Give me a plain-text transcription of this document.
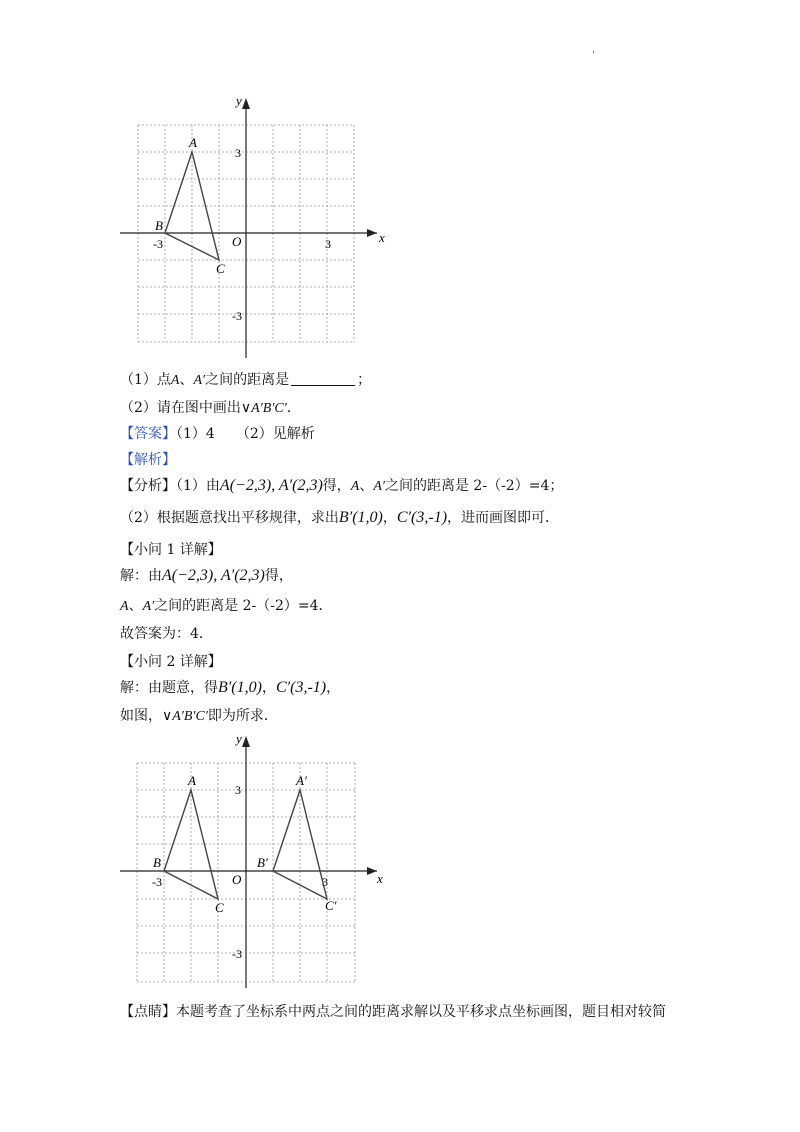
'
x
y
O
-3	3
3
-3
A
B
C
（1）点A、A′之间的距离是	；
（2）请在图中画出∨A′B′C′．
【答案】（1）4　　（2）见解析
【解析】
【分析】（1）由A(−2,3), A′(2,3)得，A、A′之间的距离是 2-（-2）=4；
（2）根据题意找出平移规律，求出B′(1,0)，C′(3,-1)，进而画图即可．
【小问 1 详解】
解：由A(−2,3), A′(2,3)得，
A、A′之间的距离是 2-（-2）=4．
故答案为：4．
【小问 2 详解】
解：由题意，得B′(1,0)，C′(3,-1)，
如图，∨A′B′C′即为所求．
x
y
O
-3	3
3
-3
A
B
C
A′
B′
C′
【点睛】本题考查了坐标系中两点之间的距离求解以及平移求点坐标画图，题目相对较简
